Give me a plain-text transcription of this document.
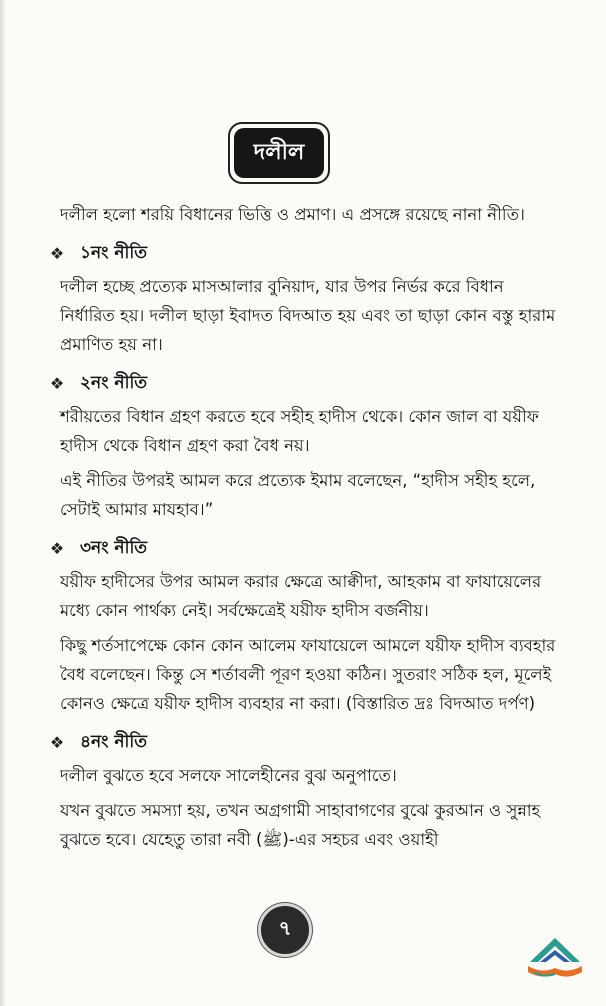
দলীল

দলীল হলো শরয়ি বিধানের ভিত্তি ও প্রমাণ। এ প্রসঙ্গে রয়েছে নানা নীতি।

❖ ১নং নীতি

দলীল হচ্ছে প্রত্যেক মাসআলার বুনিয়াদ, যার উপর নির্ভর করে বিধান নির্ধারিত হয়। দলীল ছাড়া ইবাদত বিদআত হয় এবং তা ছাড়া কোন বস্তু হারাম প্রমাণিত হয় না।

❖ ২নং নীতি

শরীয়তের বিধান গ্রহণ করতে হবে সহীহ হাদীস থেকে। কোন জাল বা যয়ীফ হাদীস থেকে বিধান গ্রহণ করা বৈধ নয়।

এই নীতির উপরই আমল করে প্রত্যেক ইমাম বলেছেন, “হাদীস সহীহ হলে, সেটাই আমার মাযহাব।”

❖ ৩নং নীতি

যয়ীফ হাদীসের উপর আমল করার ক্ষেত্রে আক্বীদা, আহকাম বা ফাযায়েলের মধ্যে কোন পার্থক্য নেই। সর্বক্ষেত্রেই যয়ীফ হাদীস বর্জনীয়।

কিছু শর্তসাপেক্ষে কোন কোন আলেম ফাযায়েলে আমলে যয়ীফ হাদীস ব্যবহার বৈধ বলেছেন। কিন্তু সে শর্তাবলী পূরণ হওয়া কঠিন। সুতরাং সঠিক হল, মূলেই কোনও ক্ষেত্রে যয়ীফ হাদীস ব্যবহার না করা। (বিস্তারিত দ্রঃ বিদআত দর্পণ)

❖ ৪নং নীতি

দলীল বুঝতে হবে সলফে সালেহীনের বুঝ অনুপাতে।

যখন বুঝতে সমস্যা হয়, তখন অগ্রগামী সাহাবাগণের বুঝে কুরআন ও সুন্নাহ বুঝতে হবে। যেহেতু তারা নবী (ﷺ)-এর সহচর এবং ওয়াহী

৭
